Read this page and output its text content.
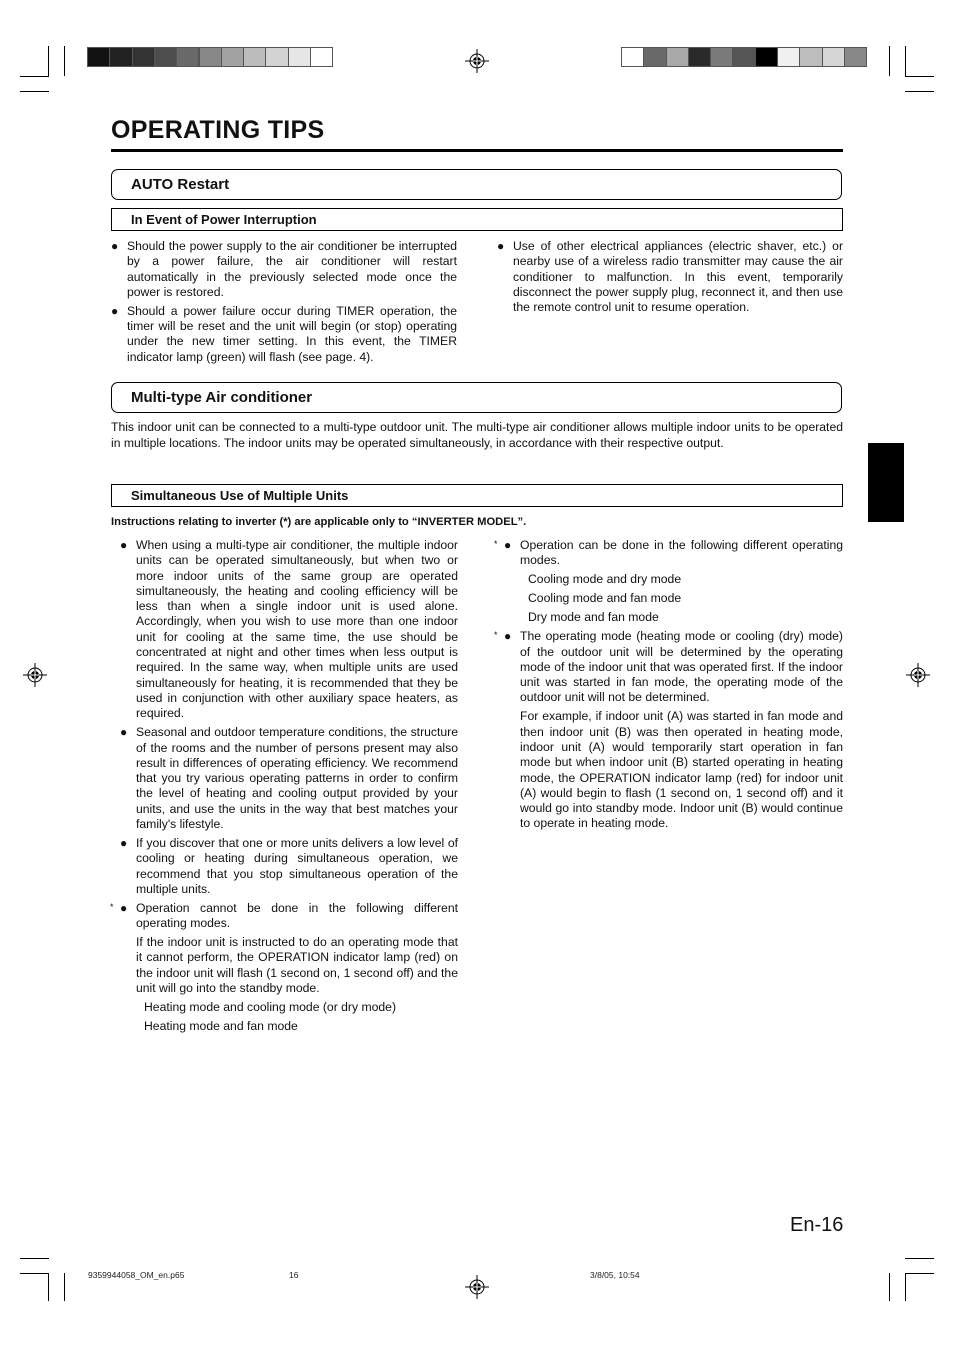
OPERATING TIPS
AUTO Restart
In Event of Power Interruption
● Should the power supply to the air conditioner be interrupted by a power failure, the air conditioner will restart automatically in the previously selected mode once the power is restored.
● Should a power failure occur during TIMER operation, the timer will be reset and the unit will begin (or stop) operating under the new timer setting. In this event, the TIMER indicator lamp (green) will flash (see page. 4).
● Use of other electrical appliances (electric shaver, etc.) or nearby use of a wireless radio transmitter may cause the air conditioner to malfunction. In this event, temporarily disconnect the power supply plug, reconnect it, and then use the remote control unit to resume operation.
Multi-type Air conditioner
This indoor unit can be connected to a multi-type outdoor unit. The multi-type air conditioner allows multiple indoor units to be operated in multiple locations. The indoor units may be operated simultaneously, in accordance with their respective output.
Simultaneous Use of Multiple Units
Instructions relating to inverter (*) are applicable only to “INVERTER MODEL”.
● When using a multi-type air conditioner, the multiple indoor units can be operated simultaneously, but when two or more indoor units of the same group are operated simultaneously, the heating and cooling efficiency will be less than when a single indoor unit is used alone. Accordingly, when you wish to use more than one indoor unit for cooling at the same time, the use should be concentrated at night and other times when less output is required. In the same way, when multiple units are used simultaneously for heating, it is recommended that they be used in conjunction with other auxiliary space heaters, as required.
● Seasonal and outdoor temperature conditions, the structure of the rooms and the number of persons present may also result in differences of operating efficiency. We recommend that you try various operating patterns in order to confirm the level of heating and cooling output provided by your units, and use the units in the way that best matches your family's lifestyle.
● If you discover that one or more units delivers a low level of cooling or heating during simultaneous operation, we recommend that you stop simultaneous operation of the multiple units.
* ● Operation cannot be done in the following different operating modes.

If the indoor unit is instructed to do an operating mode that it cannot perform, the OPERATION indicator lamp (red) on the indoor unit will flash (1 second on, 1 second off) and the unit will go into the standby mode.

Heating mode and cooling mode (or dry mode)

Heating mode and fan mode

* ● Operation can be done in the following different operating modes.

Cooling mode and dry mode

Cooling mode and fan mode

Dry mode and fan mode

* ● The operating mode (heating mode or cooling (dry) mode) of the outdoor unit will be determined by the operating mode of the indoor unit that was operated first. If the indoor unit was started in fan mode, the operating mode of the outdoor unit will not be determined.

For example, if indoor unit (A) was started in fan mode and then indoor unit (B) was then operated in heating mode, indoor unit (A) would temporarily start operation in fan mode but when indoor unit (B) started operating in heating mode, the OPERATION indicator lamp (red) for indoor unit (A) would begin to flash (1 second on, 1 second off) and it would go into standby mode. Indoor unit (B) would continue to operate in heating mode.

En-16
9359944058_OM_en.p65	16	3/8/05, 10:54
